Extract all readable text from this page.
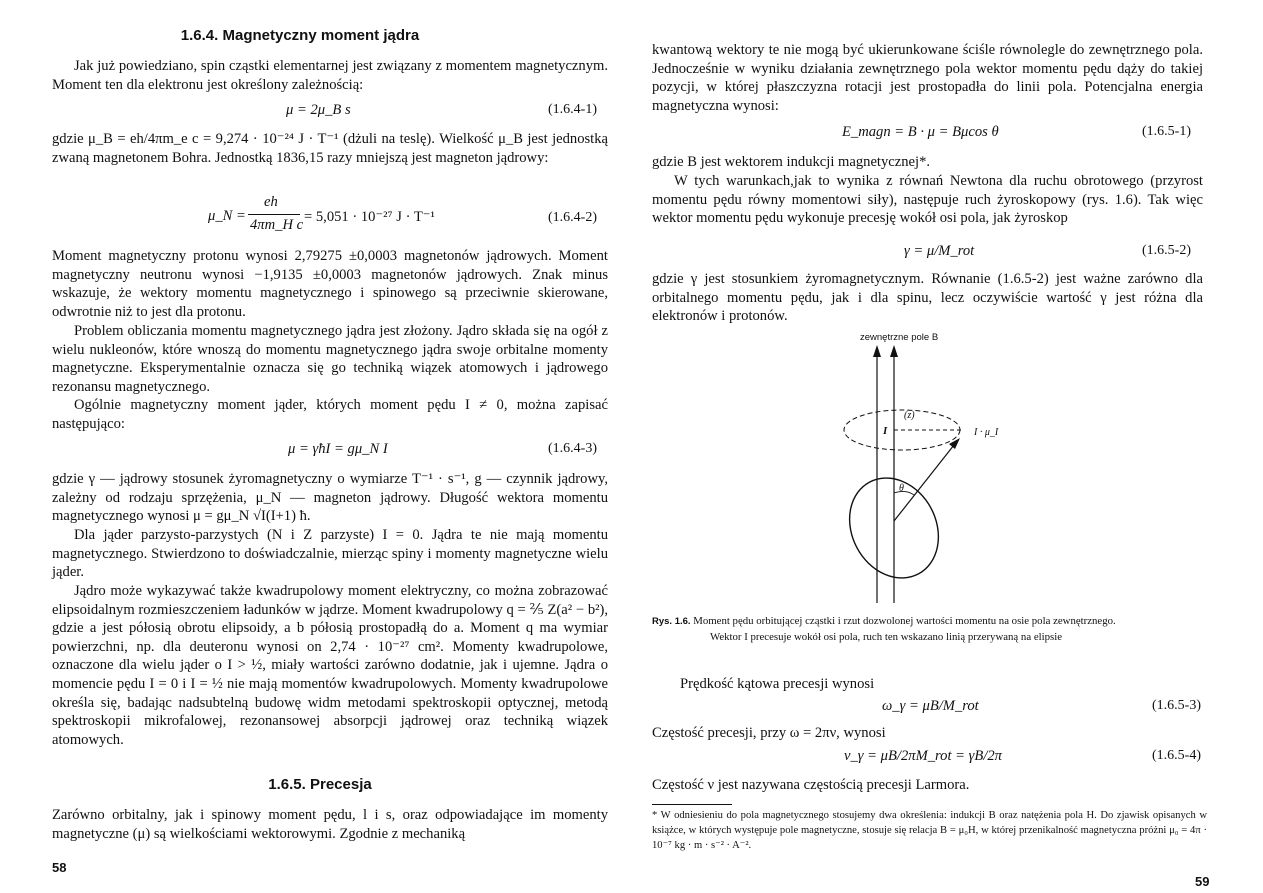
1.6.4. Magnetyczny moment jądra
Jak już powiedziano, spin cząstki elementarnej jest związany z momentem magnetycznym. Moment ten dla elektronu jest określony zależnością:
μ = 2μ_B s	(1.6.4-1)
gdzie μ_B = eh/4πm_e c = 9,274 · 10⁻²⁴ J · T⁻¹ (dżuli na teslę). Wielkość μ_B jest jednostką zwaną magnetonem Bohra. Jednostką 1836,15 razy mniejszą jest magneton jądrowy:
μ_N =
eh
4πm_H c = 5,051 · 10⁻²⁷ J · T⁻¹	(1.6.4-2)
Moment magnetyczny protonu wynosi 2,79275 ±0,0003 magnetonów jądrowych. Moment magnetyczny neutronu wynosi −1,9135 ±0,0003 magnetonów jądrowych. Znak minus wskazuje, że wektory momentu magnetycznego i spinowego są przeciwnie skierowane, odwrotnie niż to jest dla protonu.
Problem obliczania momentu magnetycznego jądra jest złożony. Jądro składa się na ogół z wielu nukleonów, które wnoszą do momentu magnetycznego jądra swoje orbitalne momenty magnetyczne. Eksperymentalnie oznacza się go techniką wiązek atomowych i jądrowego rezonansu magnetycznego.
Ogólnie magnetyczny moment jąder, których moment pędu I ≠ 0, można zapisać następująco:
μ = γħI = gμ_N I	(1.6.4-3)
gdzie γ — jądrowy stosunek żyromagnetyczny o wymiarze T⁻¹ · s⁻¹, g — czynnik jądrowy, zależny od rodzaju sprzężenia, μ_N — magneton jądrowy. Długość wektora momentu magnetycznego wynosi μ = gμ_N √I(I+1) ħ.
Dla jąder parzysto-parzystych (N i Z parzyste) I = 0. Jądra te nie mają momentu magnetycznego. Stwierdzono to doświadczalnie, mierząc spiny i momenty magnetyczne wielu jąder.
Jądro może wykazywać także kwadrupolowy moment elektryczny, co można zobrazować elipsoidalnym rozmieszczeniem ładunków w jądrze. Moment kwadrupolowy q = ⅖ Z(a² − b²), gdzie a jest półosią obrotu elipsoidy, a b półosią prostopadłą do a. Moment q ma wymiar powierzchni, np. dla deuteronu wynosi on 2,74 · 10⁻²⁷ cm². Momenty kwadrupolowe, oznaczone dla wielu jąder o I > ½, miały wartości zarówno dodatnie, jak i ujemne. Jądra o momencie pędu I = 0 i I = ½ nie mają momentów kwadrupolowych. Momenty kwadrupolowe określa się, badając nadsubtelną budowę widm metodami spektroskopii optycznej, metodą spektroskopii mikrofalowej, rezonansowej absorpcji jądrowej oraz techniką wiązek atomowych.
1.6.5. Precesja
Zarówno orbitalny, jak i spinowy moment pędu, l i s, oraz odpowiadające im momenty magnetyczne (μ) są wielkościami wektorowymi. Zgodnie z mechaniką
58
kwantową wektory te nie mogą być ukierunkowane ściśle równolegle do zewnętrznego pola. Jednocześnie w wyniku działania zewnętrznego pola wektor momentu pędu dąży do takiej pozycji, w której płaszczyzna rotacji jest prostopadła do linii pola. Potencjalna energia magnetyczna wynosi:
E_magn = B · μ = Bμcos θ	(1.6.5-1)
gdzie B jest wektorem indukcji magnetycznej*.
W tych warunkach,jak to wynika z równań Newtona dla ruchu obrotowego (przyrost momentu pędu równy momentowi siły), następuje ruch żyroskopowy (rys. 1.6). Tak więc wektor momentu pędu wykonuje precesję wokół osi pola, jak żyroskop
γ = μ/M_rot	(1.6.5-2)
gdzie γ jest stosunkiem żyromagnetycznym. Równanie (1.6.5-2) jest ważne zarówno dla orbitalnego momentu pędu, jak i dla spinu, lecz oczywiście wartość γ jest różna dla elektronów i protonów.
zewnętrzne pole B
(z)
I	I · μ_I
θ
Rys. 1.6. Moment pędu orbitującej cząstki i rzut dozwolonej wartości momentu na osie pola zewnętrznego.
Wektor I precesuje wokół osi pola, ruch ten wskazano linią przerywaną na elipsie
Prędkość kątowa precesji wynosi
ω_γ = μB/M_rot	(1.6.5-3)
Częstość precesji, przy ω = 2πν, wynosi
ν_γ = μB/2πM_rot = γB/2π	(1.6.5-4)
Częstość ν jest nazywana częstością precesji Larmora.
* W odniesieniu do pola magnetycznego stosujemy dwa określenia: indukcji B oraz natężenia pola H. Do zjawisk opisanych w książce, w których występuje pole magnetyczne, stosuje się relacja B = μ₀H, w której przenikalność magnetyczna próżni μ₀ = 4π · 10⁻⁷ kg · m · s⁻² · A⁻².
59
